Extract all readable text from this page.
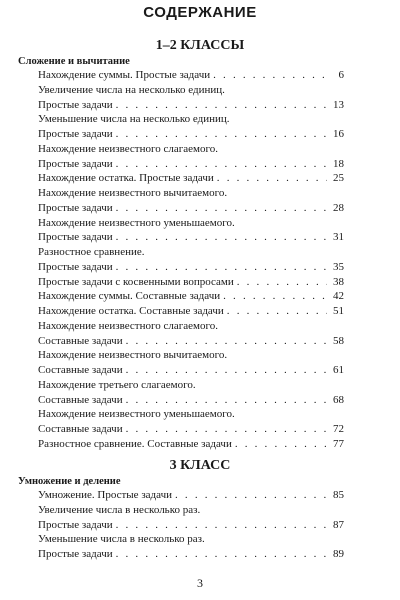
СОДЕРЖАНИЕ
1–2 КЛАССЫ
Сложение и вычитание
Нахождение суммы. Простые задачи . . .	6
Увеличение числа на несколько единиц.
Простые задачи . . .	13
Уменьшение числа на несколько единиц.
Простые задачи . . .	16
Нахождение неизвестного слагаемого.
Простые задачи . . .	18
Нахождение остатка. Простые задачи . . .	25
Нахождение неизвестного вычитаемого.
Простые задачи . . .	28
Нахождение неизвестного уменьшаемого.
Простые задачи . . .	31
Разностное сравнение.
Простые задачи . . .	35
Простые задачи с косвенными вопросами . . .	38
Нахождение суммы. Составные задачи . . .	42
Нахождение остатка. Составные задачи . . .	51
Нахождение неизвестного слагаемого.
Составные задачи . . .	58
Нахождение неизвестного вычитаемого.
Составные задачи . . .	61
Нахождение третьего слагаемого.
Составные задачи . . .	68
Нахождение неизвестного уменьшаемого.
Составные задачи . . .	72
Разностное сравнение. Составные задачи . . .	77
3 КЛАСС
Умножение и деление
Умножение. Простые задачи . . .	85
Увеличение числа в несколько раз.
Простые задачи . . .	87
Уменьшение числа в несколько раз.
Простые задачи . . .	89
3
